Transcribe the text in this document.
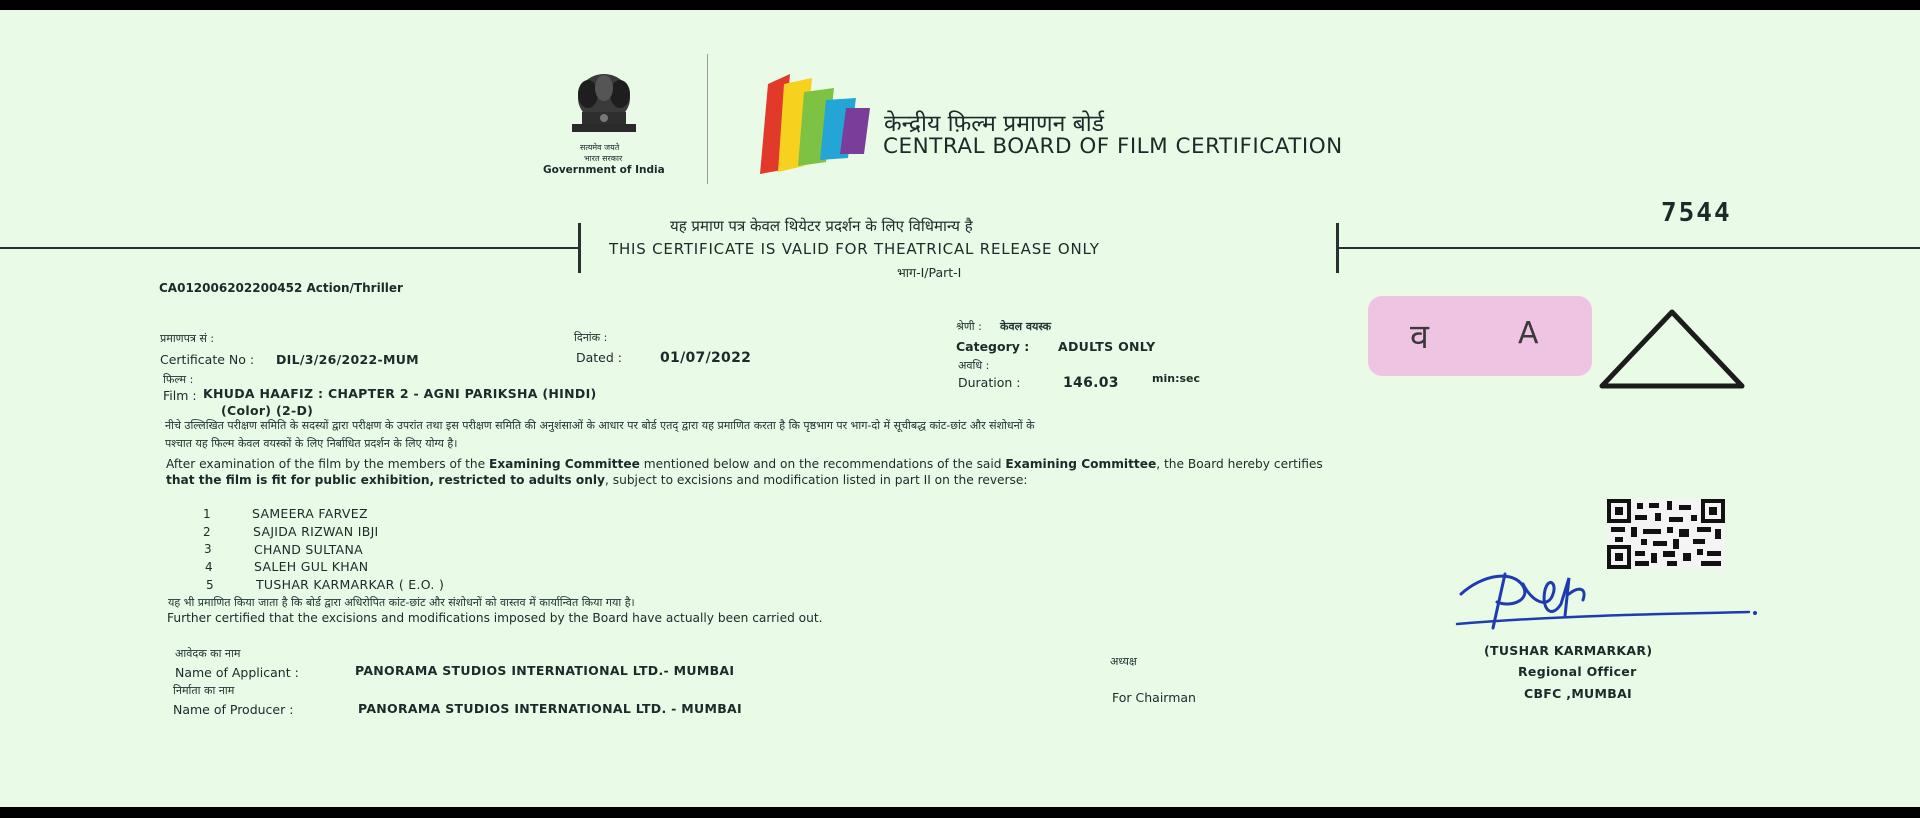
सत्यमेव जयते
भारत सरकार
Government of India
केन्द्रीय फ़िल्म प्रमाणन बोर्ड
CENTRAL BOARD OF FILM CERTIFICATION
यह प्रमाण पत्र केवल थियेटर प्रदर्शन के लिए विधिमान्य है
THIS CERTIFICATE IS VALID FOR THEATRICAL RELEASE ONLY
भाग-I/Part-I
7544
CA012006202200452 Action/Thriller
प्रमाणपत्र सं :
Certificate No : DIL/3/26/2022-MUM
दिनांक :
Dated :	01/07/2022
श्रेणी : केवल वयस्क
Category : ADULTS ONLY
अवधि :
Duration :	146.03	min:sec
फिल्म :
Film : KHUDA HAAFIZ : CHAPTER 2 - AGNI PARIKSHA (HINDI)
(Color) (2-D)
व	A
नीचे उल्लिखित परीक्षण समिति के सदस्यों द्वारा परीक्षण के उपरांत तथा इस परीक्षण समिति की अनुशंसाओं के आधार पर बोर्ड एतद् द्वारा यह प्रमाणित करता है कि पृष्ठभाग पर भाग-दो में सूचीबद्ध कांट-छांट और संशोधनों के
पश्चात यह फिल्म केवल वयस्कों के लिए निर्बाधित प्रदर्शन के लिए योग्य है।
After examination of the film by the members of the Examining Committee mentioned below and on the recommendations of the said Examining Committee, the Board hereby certifies
that the film is fit for public exhibition, restricted to adults only, subject to excisions and modification listed in part II on the reverse:
1	SAMEERA FARVEZ
2	SAJIDA RIZWAN IBJI
3	CHAND SULTANA
4	SALEH GUL KHAN
5	TUSHAR KARMARKAR ( E.O. )
यह भी प्रमाणित किया जाता है कि बोर्ड द्वारा अधिरोपित कांट-छांट और संशोधनों को वास्तव में कार्यान्वित किया गया है।
Further certified that the excisions and modifications imposed by the Board have actually been carried out.
आवेदक का नाम
Name of Applicant :	PANORAMA STUDIOS INTERNATIONAL LTD.- MUMBAI
निर्माता का नाम
Name of Producer :	PANORAMA STUDIOS INTERNATIONAL LTD. - MUMBAI
अध्यक्ष
For Chairman
(TUSHAR KARMARKAR)
Regional Officer
CBFC ,MUMBAI
